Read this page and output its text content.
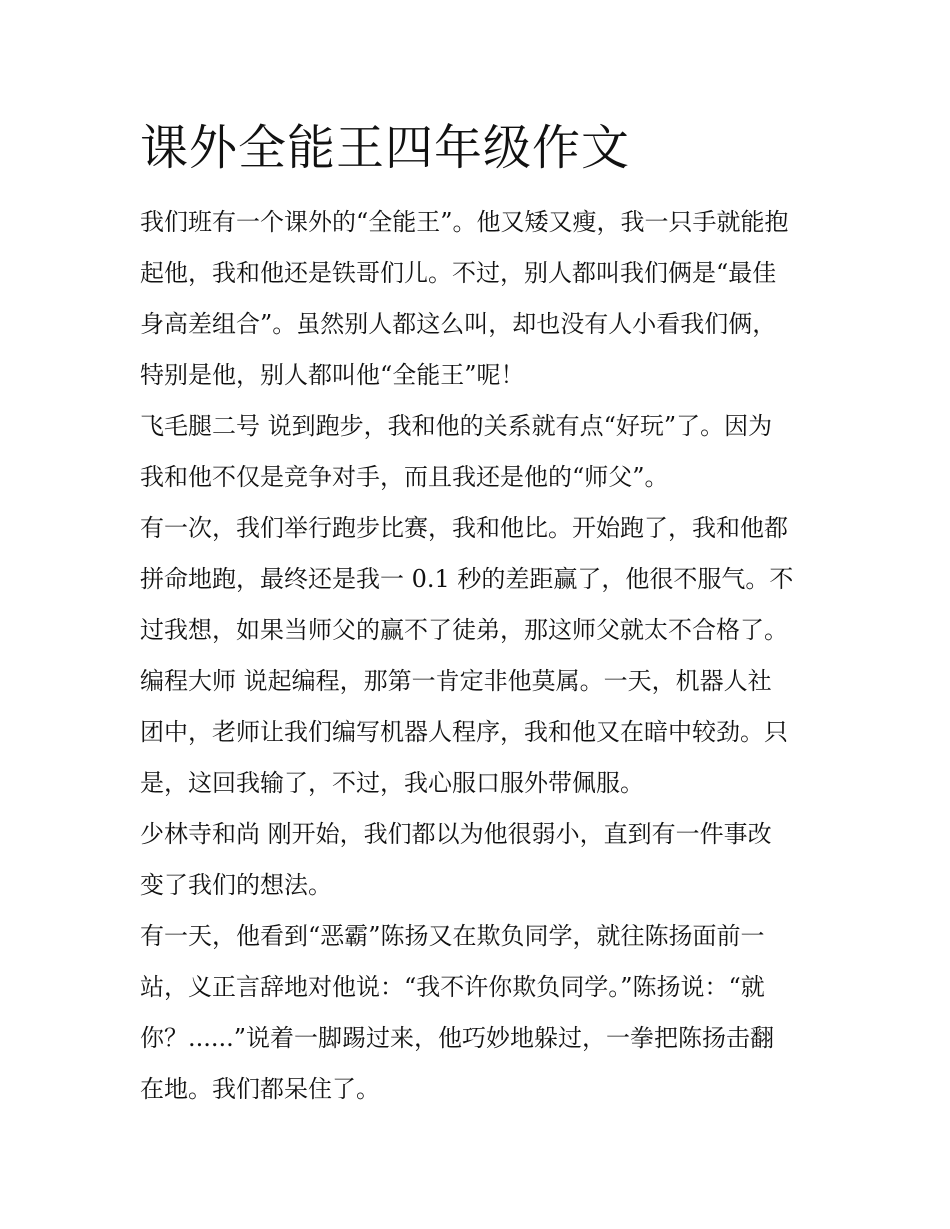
课外全能王四年级作文
我们班有一个课外的“全能王”。他又矮又瘦，我一只手就能抱
起他，我和他还是铁哥们儿。不过，别人都叫我们俩是“最佳
身高差组合”。虽然别人都这么叫，却也没有人小看我们俩，
特别是他，别人都叫他“全能王”呢！
飞毛腿二号 说到跑步，我和他的关系就有点“好玩”了。因为
我和他不仅是竞争对手，而且我还是他的“师父”。
有一次，我们举行跑步比赛，我和他比。开始跑了，我和他都
拼命地跑，最终还是我一 0.1 秒的差距赢了，他很不服气。不
过我想，如果当师父的赢不了徒弟，那这师父就太不合格了。
编程大师 说起编程，那第一肯定非他莫属。一天，机器人社
团中，老师让我们编写机器人程序，我和他又在暗中较劲。只
是，这回我输了，不过，我心服口服外带佩服。
少林寺和尚 刚开始，我们都以为他很弱小，直到有一件事改
变了我们的想法。
有一天，他看到“恶霸”陈扬又在欺负同学，就往陈扬面前一
站，义正言辞地对他说：“我不许你欺负同学。”陈扬说：“就
你？......”说着一脚踢过来，他巧妙地躲过，一拳把陈扬击翻
在地。我们都呆住了。
